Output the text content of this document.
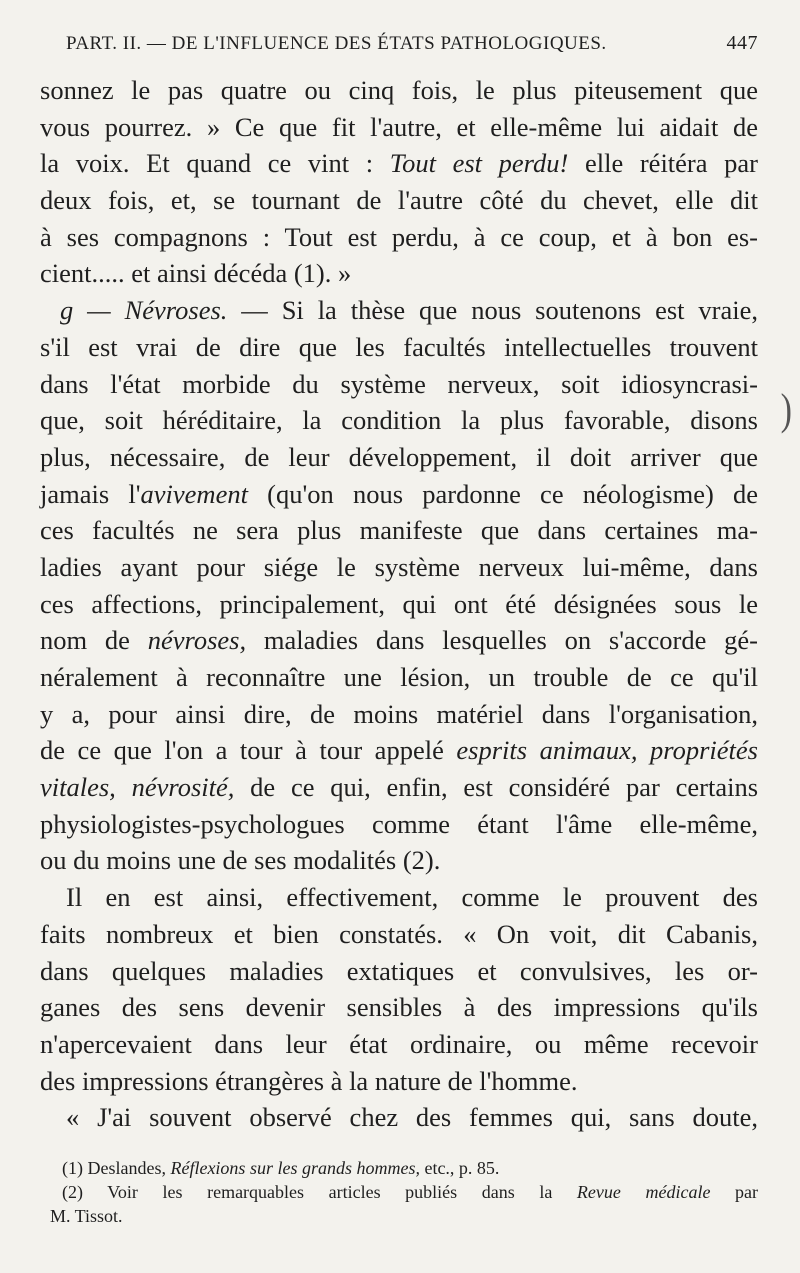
PART. II. — DE L'INFLUENCE DES ÉTATS PATHOLOGIQUES.	447
sonnez le pas quatre ou cinq fois, le plus piteusement que
vous pourrez. » Ce que fit l'autre, et elle-même lui aidait de
la voix. Et quand ce vint : Tout est perdu! elle réitéra par
deux fois, et, se tournant de l'autre côté du chevet, elle dit
à ses compagnons : Tout est perdu, à ce coup, et à bon es-
cient..... et ainsi décéda (1). »
g — Névroses. — Si la thèse que nous soutenons est vraie,
s'il est vrai de dire que les facultés intellectuelles trouvent
dans l'état morbide du système nerveux, soit idiosyncrasi-
que, soit héréditaire, la condition la plus favorable, disons
plus, nécessaire, de leur développement, il doit arriver que
jamais l'avivement (qu'on nous pardonne ce néologisme) de
ces facultés ne sera plus manifeste que dans certaines ma-
ladies ayant pour siége le système nerveux lui-même, dans
ces affections, principalement, qui ont été désignées sous le
nom de névroses, maladies dans lesquelles on s'accorde gé-
néralement à reconnaître une lésion, un trouble de ce qu'il
y a, pour ainsi dire, de moins matériel dans l'organisation,
de ce que l'on a tour à tour appelé esprits animaux, propriétés
vitales, névrosité, de ce qui, enfin, est considéré par certains
physiologistes-psychologues comme étant l'âme elle-même,
ou du moins une de ses modalités (2).
Il en est ainsi, effectivement, comme le prouvent des
faits nombreux et bien constatés. « On voit, dit Cabanis,
dans quelques maladies extatiques et convulsives, les or-
ganes des sens devenir sensibles à des impressions qu'ils
n'apercevaient dans leur état ordinaire, ou même recevoir
des impressions étrangères à la nature de l'homme.
« J'ai souvent observé chez des femmes qui, sans doute,
(1) Deslandes, Réflexions sur les grands hommes, etc., p. 85.
(2) Voir les remarquables articles publiés dans la Revue médicale par
M. Tissot.
)
